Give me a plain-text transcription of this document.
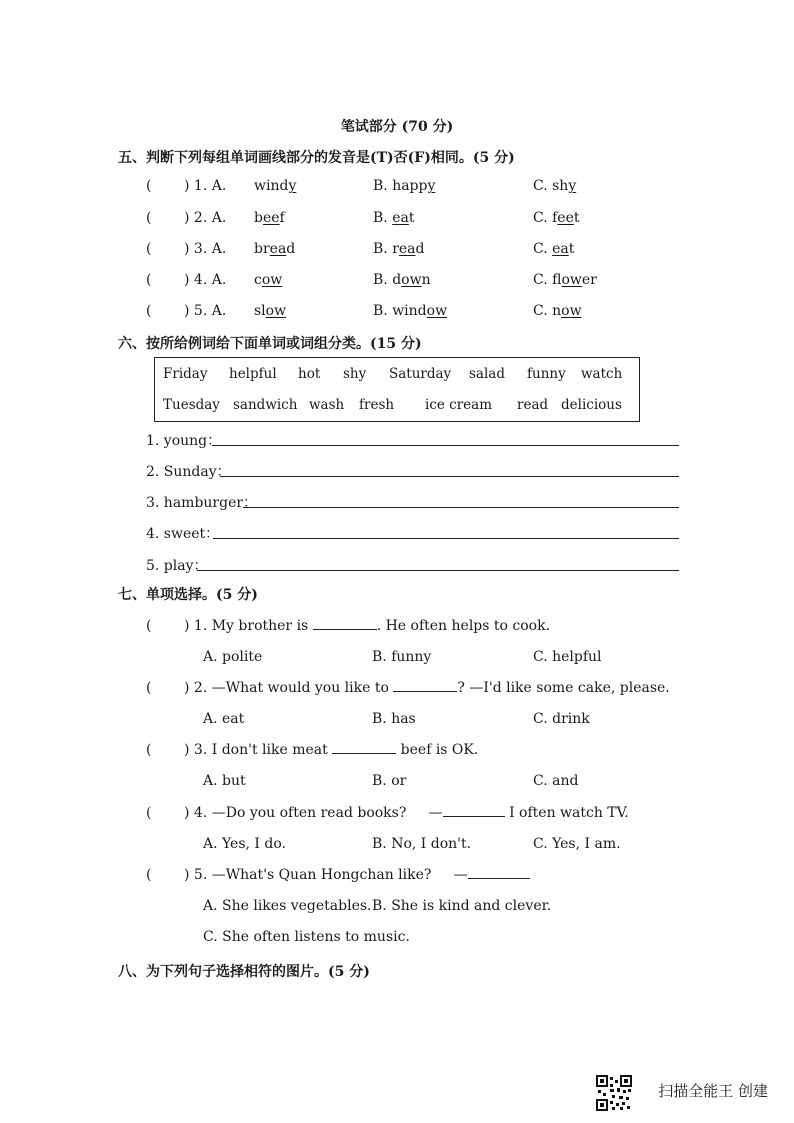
笔试部分 (70 分)
五、判断下列每组单词画线部分的发音是(T)否(F)相同。(5 分)
( ) 1. A. windy	B. happy	C. shy
( ) 2. A. beef	B. eat	C. feet
( ) 3. A. bread	B. read	C. eat
( ) 4. A. cow	B. down	C. flower
( ) 5. A. slow	B. window	C. now
六、按所给例词给下面单词或词组分类。(15 分)
Friday helpful hot shy Saturday salad funny watch
Tuesday sandwich wash fresh ice cream read delicious
1. young：
2. Sunday：
3. hamburger：
4. sweet：
5. play：
七、单项选择。(5 分)
( ) 1. My brother is	. He often helps to cook.
A. polite	B. funny	C. helpful
( ) 2. —What would you like to	? —I'd like some cake, please.
A. eat	B. has	C. drink
( ) 3. I don't like meat	beef is OK.
A. but	B. or	C. and
( ) 4. —Do you often read books? —	I often watch TV.
A. Yes, I do.	B. No, I don't.	C. Yes, I am.
( ) 5. —What's Quan Hongchan like? —
A. She likes vegetables. B. She is kind and clever.
C. She often listens to music.
八、为下列句子选择相符的图片。(5 分)
扫描全能王 创建
